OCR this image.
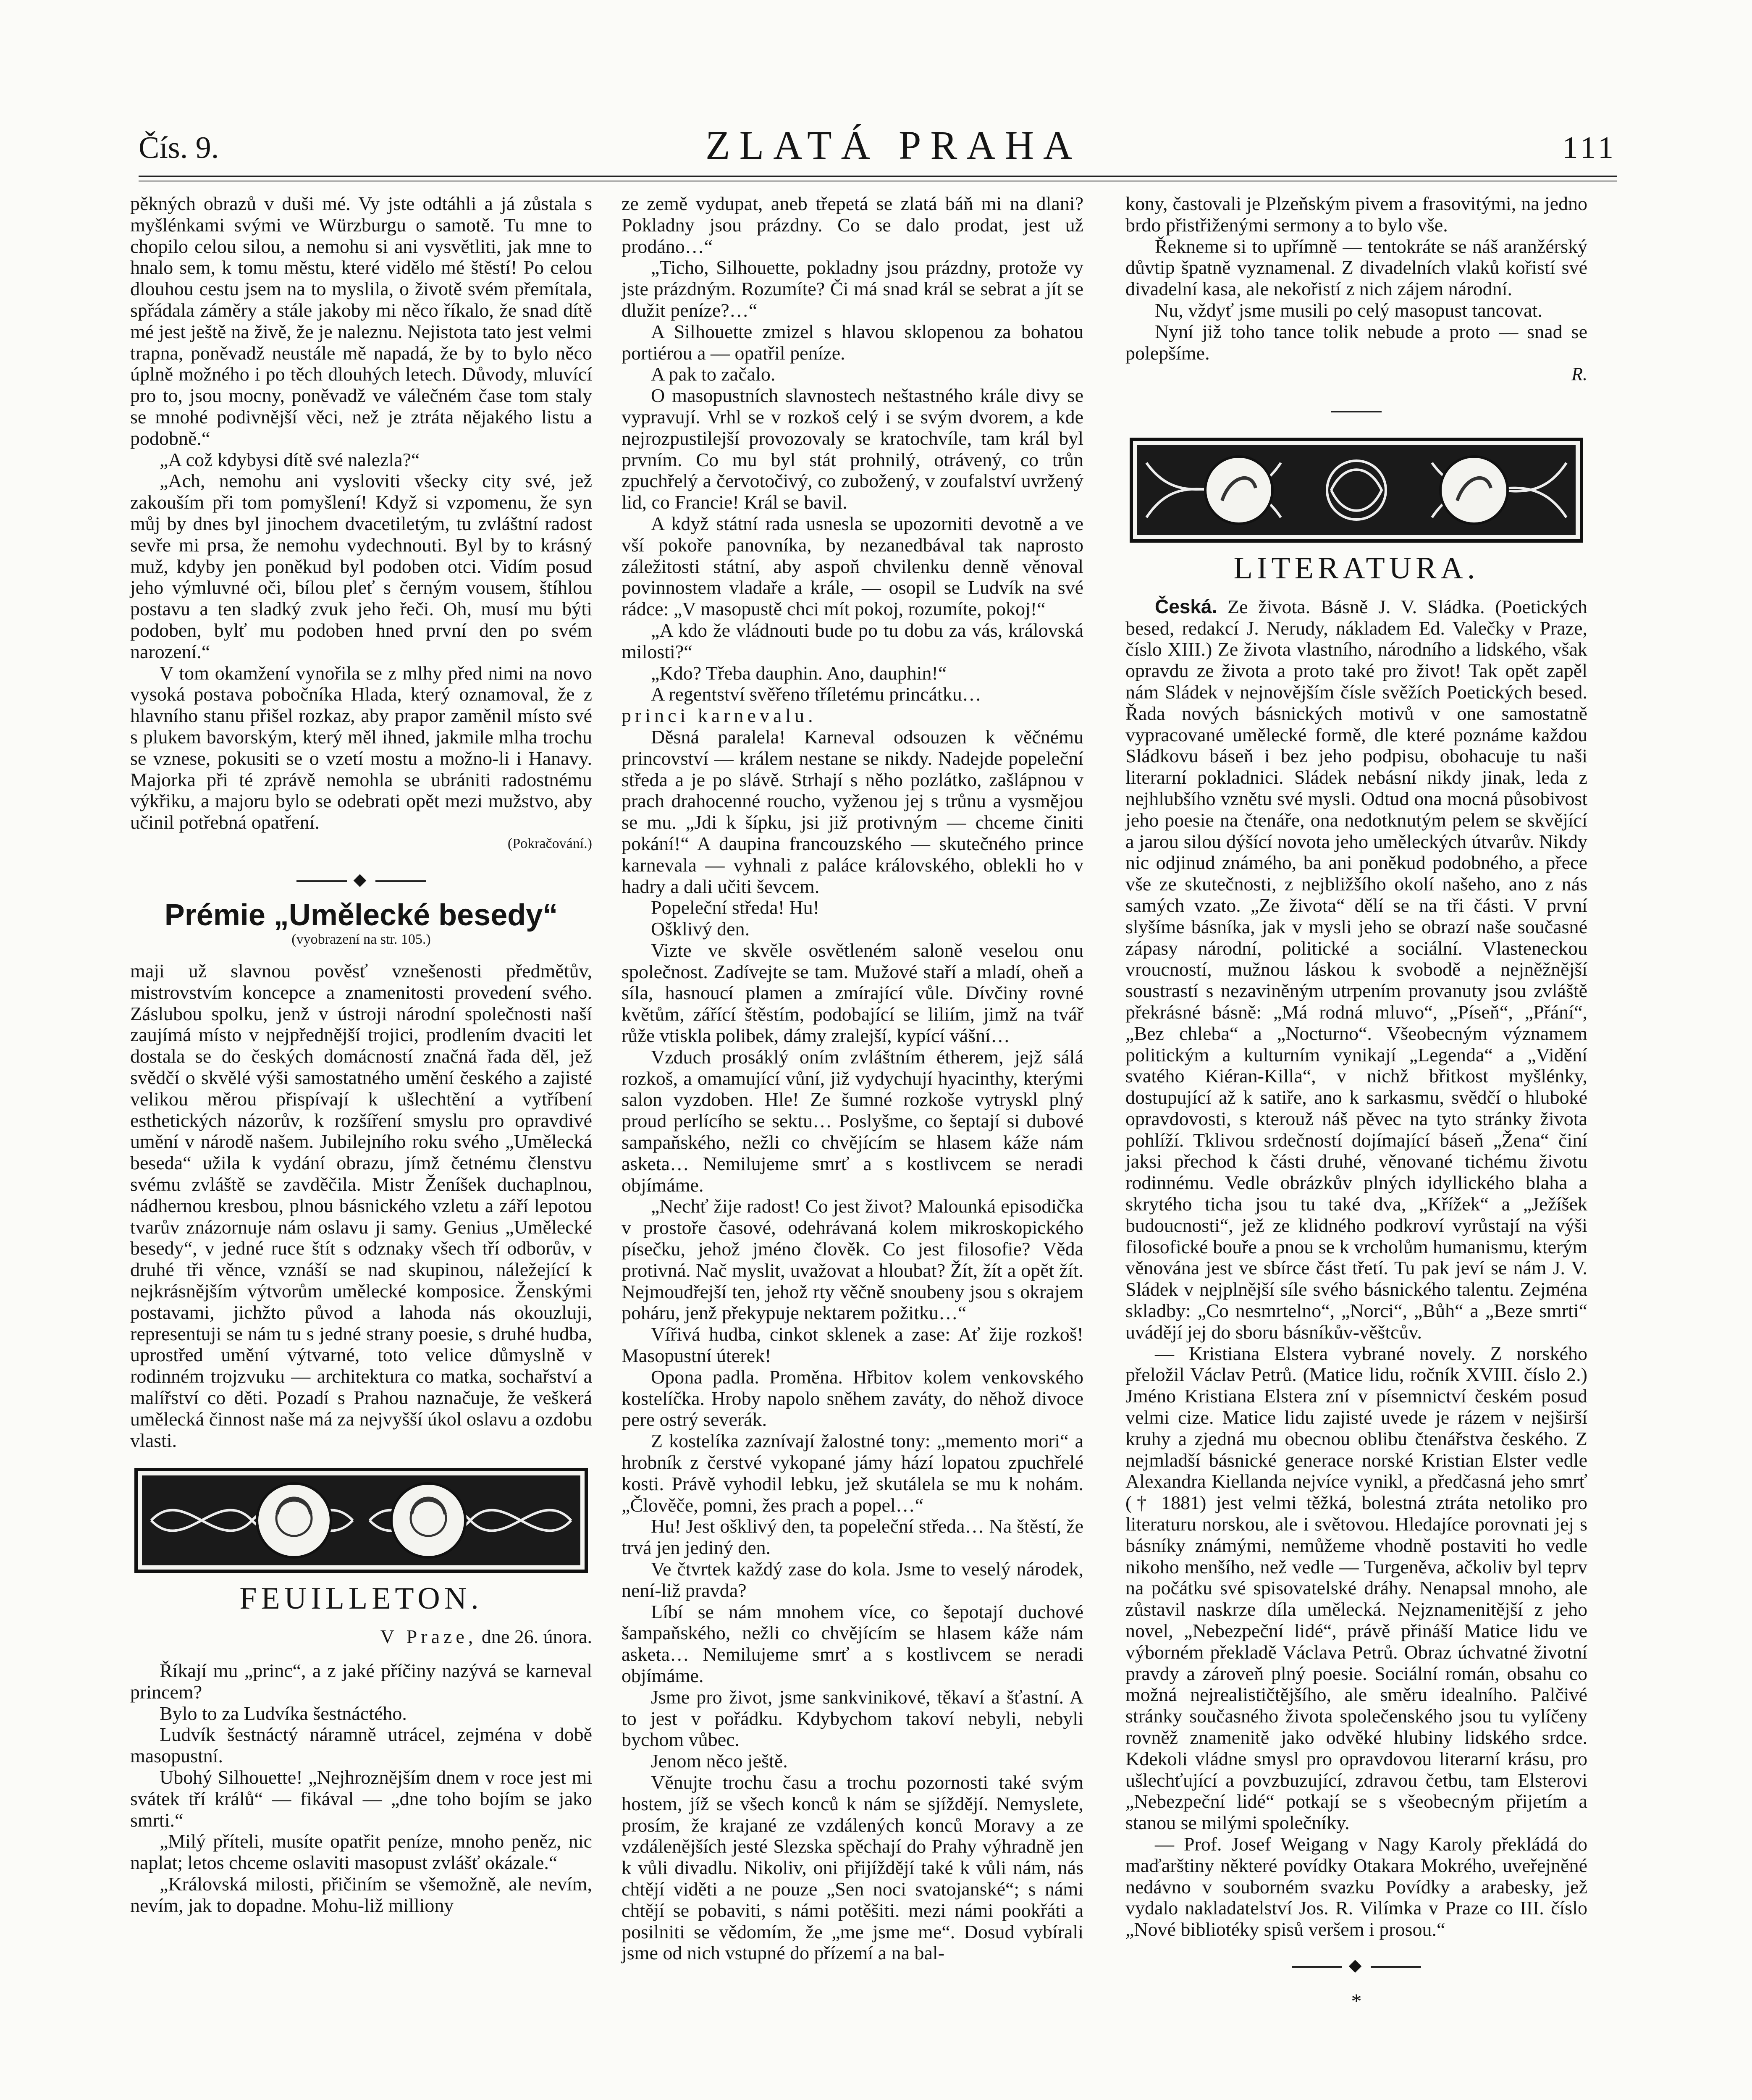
Čís. 9.	ZLATÁ PRAHA	111

pěkných obrazů v duši mé. Vy jste odtáhli a já zůstala s myšlénkami svými ve Würzburgu o samotě. Tu mne to chopilo celou silou, a nemohu si ani vysvětliti, jak mne to hnalo sem, k tomu městu, které vidělo mé štěstí! Po celou dlouhou cestu jsem na to myslila, o životě svém přemítala, spřádala záměry a stále jakoby mi něco říkalo, že snad dítě mé jest ještě na živě, že je naleznu. Nejistota tato jest velmi trapna, poněvadž neustále mě napadá, že by to bylo něco úplně možného i po těch dlouhých letech. Důvody, mluvící pro to, jsou mocny, poněvadž ve válečném čase tom staly se mnohé podivnější věci, než je ztráta nějakého listu a podobně.“

„A což kdybysi dítě své nalezla?“

„Ach, nemohu ani vysloviti všecky city své, jež zakouším při tom pomyšlení! Když si vzpomenu, že syn můj by dnes byl jinochem dvacetiletým, tu zvláštní radost sevře mi prsa, že nemohu vydechnouti. Byl by to krásný muž, kdyby jen poněkud byl podoben otci. Vidím posud jeho výmluvné oči, bílou pleť s černým vousem, štíhlou postavu a ten sladký zvuk jeho řeči. Oh, musí mu býti podoben, bylť mu podoben hned první den po svém narození.“

V tom okamžení vynořila se z mlhy před nimi na novo vysoká postava pobočníka Hlada, který oznamoval, že z hlavního stanu přišel rozkaz, aby prapor zaměnil místo své s plukem bavorským, který měl ihned, jakmile mlha trochu se vznese, pokusiti se o vzetí mostu a možno-li i Hanavy. Majorka při té zprávě nemohla se ubrániti radostnému výkřiku, a majoru bylo se odebrati opět mezi mužstvo, aby učinil potřebná opatření.

(Pokračování.)

◆
Prémie „Umělecké besedy“
(vyobrazení na str. 105.)

maji už slavnou pověsť vznešenosti předmětův, mistrovstvím koncepce a znamenitosti provedení svého. Záslubou spolku, jenž v ústroji národní společnosti naší zaujímá místo v nejpřednější trojici, prodlením dvaciti let dostala se do českých domácností značná řada děl, jež svědčí o skvělé výši samostatného umění českého a zajisté velikou měrou přispívají k ušlechtění a vytříbení esthetických názorův, k rozšíření smyslu pro opravdivé umění v národě našem. Jubilejního roku svého „Umělecká beseda“ užila k vydání obrazu, jímž četnému členstvu svému zvláště se zavděčila. Mistr Ženíšek duchaplnou, nádhernou kresbou, plnou básnického vzletu a září lepotou tvarův znázornuje nám oslavu ji samy. Genius „Umělecké besedy“, v jedné ruce štít s odznaky všech tří odborův, v druhé tři věnce, vznáší se nad skupinou, náležející k nejkrásnějším výtvorům umělecké komposice. Ženskými postavami, jichžto původ a lahoda nás okouzluji, representuji se nám tu s jedné strany poesie, s druhé hudba, uprostřed umění výtvarné, toto velice důmyslně v rodinném trojzvuku — architektura co matka, sochařství a malířství co děti. Pozadí s Prahou naznačuje, že veškerá umělecká činnost naše má za nejvyšší úkol oslavu a ozdobu vlasti.

FEUILLETON.
V Praze, dne 26. února.

Říkají mu „princ“, a z jaké příčiny nazývá se karneval princem?

Bylo to za Ludvíka šestnáctého.

Ludvík šestnáctý náramně utrácel, zejména v době masopustní.

Ubohý Silhouette! „Nejhroznějším dnem v roce jest mi svátek tří králů“ — fikával — „dne toho bojím se jako smrti.“

„Milý příteli, musíte opatřit peníze, mnoho peněz, nic naplat; letos chceme oslaviti masopust zvlášť okázale.“

„Královská milosti, přičiním se všemožně, ale nevím, nevím, jak to dopadne. Mohu-liž milliony

ze země vydupat, aneb třepetá se zlatá báň mi na dlani? Pokladny jsou prázdny. Co se dalo prodat, jest už prodáno…“

„Ticho, Silhouette, pokladny jsou prázdny, protože vy jste prázdným. Rozumíte? Či má snad král se sebrat a jít se dlužit peníze?…“

A Silhouette zmizel s hlavou sklopenou za bohatou portiérou a — opatřil peníze.

A pak to začalo.

O masopustních slavnostech neštastného krále divy se vypravují. Vrhl se v rozkoš celý i se svým dvorem, a kde nejrozpustilejší provozovaly se kratochvíle, tam král byl prvním. Co mu byl stát prohnilý, otrávený, co trůn zpuchřelý a červotočivý, co zubožený, v zoufalství uvržený lid, co Francie! Král se bavil.

A když státní rada usnesla se upozorniti devotně a ve vší pokoře panovníka, by nezanedbával tak naprosto záležitosti státní, aby aspoň chvilenku denně věnoval povinnostem vladaře a krále, — osopil se Ludvík na své rádce: „V masopustě chci mít pokoj, rozumíte, pokoj!“

„A kdo že vládnouti bude po tu dobu za vás, královská milosti?“

„Kdo? Třeba dauphin. Ano, dauphin!“

A regentství svěřeno tříletému princátku…

princi karnevalu.

Děsná paralela! Karneval odsouzen k věčnému princovství — králem nestane se nikdy. Nadejde popeleční středa a je po slávě. Strhají s něho pozlátko, zašlápnou v prach drahocenné roucho, vyženou jej s trůnu a vysmějou se mu. „Jdi k šípku, jsi již protivným — chceme činiti pokání!“ A daupina francouzského — skutečného prince karnevala — vyhnali z paláce královského, oblekli ho v hadry a dali učiti ševcem.

Popeleční středa! Hu!

Ošklivý den.

Vizte ve skvěle osvětleném saloně veselou onu společnost. Zadívejte se tam. Mužové staří a mladí, oheň a síla, hasnoucí plamen a zmírající vůle. Dívčiny rovné květům, zářící štěstím, podobající se liliím, jimž na tvář růže vtiskla polibek, dámy zralejší, kypící vášní…

Vzduch prosáklý oním zvláštním étherem, jejž sálá rozkoš, a omamující vůní, již vydychují hyacinthy, kterými salon vyzdoben. Hle! Ze šumné rozkoše vytryskl plný proud perlícího se sektu… Poslyšme, co šeptají si dubové sampaňského, nežli co chvějícím se hlasem káže nám asketa… Nemilujeme smrť a s kostlivcem se neradi objímáme.

„Nechť žije radost! Co jest život? Malounká episodička v prostoře časové, odehrávaná kolem mikroskopického písečku, jehož jméno člověk. Co jest filosofie? Věda protivná. Nač myslit, uvažovat a hloubat? Žít, žít a opět žít. Nejmoudřejší ten, jehož rty věčně snoubeny jsou s okrajem poháru, jenž překypuje nektarem požitku…“

Vířivá hudba, cinkot sklenek a zase: Ať žije rozkoš! Masopustní úterek!

Opona padla. Proměna. Hřbitov kolem venkovského kostelíčka. Hroby napolo sněhem zaváty, do něhož divoce pere ostrý severák.

Z kostelíka zaznívají žalostné tony: „memento mori“ a hrobník z čerstvé vykopané jámy hází lopatou zpuchřelé kosti. Právě vyhodil lebku, jež skutálela se mu k nohám. „Člověče, pomni, žes prach a popel…“

Hu! Jest ošklivý den, ta popeleční středa… Na štěstí, že trvá jen jediný den.

Ve čtvrtek každý zase do kola. Jsme to veselý národek, není-liž pravda?

Líbí se nám mnohem více, co šepotají duchové šampaňského, nežli co chvějícím se hlasem káže nám asketa… Nemilujeme smrť a s kostlivcem se neradi objímáme.

Jsme pro život, jsme sankvinikové, těkaví a šťastní. A to jest v pořádku. Kdybychom takoví nebyli, nebyli bychom vůbec.

Jenom něco ještě.

Věnujte trochu času a trochu pozornosti také svým hostem, jíž se všech konců k nám se sjíždějí. Nemyslete, prosím, že krajané ze vzdálených konců Moravy a ze vzdálenějších jesté Slezska spěchají do Prahy výhradně jen k vůli divadlu. Nikoliv, oni přijíždějí také k vůli nám, nás chtějí viděti a ne pouze „Sen noci svatojanské“; s námi chtějí se pobaviti, s námi potěšiti. mezi námi pookřáti a posilniti se vědomím, že „me jsme me“. Dosud vybírali jsme od nich vstupné do přízemí a na bal-

kony, častovali je Plzeňským pivem a frasovitými, na jedno brdo přistřiženými sermony a to bylo vše.

Řekneme si to upřímně — tentokráte se náš aranžérský důvtip špatně vyznamenal. Z divadelních vlaků kořistí své divadelní kasa, ale nekořistí z nich zájem národní.

Nu, vždyť jsme musili po celý masopust tancovat.

Nyní již toho tance tolik nebude a proto — snad se polepšíme.

R.

LITERATURA.

Česká. Ze života. Básně J. V. Sládka. (Poetických besed, redakcí J. Nerudy, nákladem Ed. Valečky v Praze, číslo XIII.) Ze života vlastního, národního a lidského, však opravdu ze života a proto také pro život! Tak opět zapěl nám Sládek v nejnovějším čísle svěžích Poetických besed. Řada nových básnických motivů v one samostatně vypracované umělecké formě, dle které poznáme každou Sládkovu báseň i bez jeho podpisu, obohacuje tu naši literarní pokladnici. Sládek nebásní nikdy jinak, leda z nejhlubšího vznětu své mysli. Odtud ona mocná působivost jeho poesie na čtenáře, ona nedotknutým pelem se skvějící a jarou silou dýšící novota jeho uměleckých útvarův. Nikdy nic odjinud známého, ba ani poněkud podobného, a přece vše ze skutečnosti, z nejbližšího okolí našeho, ano z nás samých vzato. „Ze života“ dělí se na tři části. V první slyšíme básníka, jak v mysli jeho se obrazí naše současné zápasy národní, politické a sociální. Vlasteneckou vroucností, mužnou láskou k svobodě a nejněžnější soustrastí s nezaviněným utrpením provanuty jsou zvláště překrásné básně: „Má rodná mluvo“, „Píseň“, „Přání“, „Bez chleba“ a „Nocturno“. Všeobecným významem politickým a kulturním vynikají „Legenda“ a „Vidění svatého Kiéran-Killa“, v nichž břitkost myšlénky, dostupující až k satiře, ano k sarkasmu, svědčí o hluboké opravdovosti, s kterouž náš pěvec na tyto stránky života pohlíží. Tklivou srdečností dojímající báseň „Žena“ činí jaksi přechod k části druhé, věnované tichému životu rodinnému. Vedle obrázkův plných idyllického blaha a skrytého ticha jsou tu také dva, „Křížek“ a „Ježíšek budoucnosti“, jež ze klidného podkroví vyrůstají na výši filosofické bouře a pnou se k vrcholům humanismu, kterým věnována jest ve sbírce část třetí. Tu pak jeví se nám J. V. Sládek v nejplnější síle svého básnického talentu. Zejména skladby: „Co nesmrtelno“, „Norci“, „Bůh“ a „Beze smrti“ uvádějí jej do sboru básníkův-věštcův.

— Kristiana Elstera vybrané novely. Z norského přeložil Václav Petrů. (Matice lidu, ročník XVIII. číslo 2.) Jméno Kristiana Elstera zní v písemnictví českém posud velmi cize. Matice lidu zajisté uvede je rázem v nejširší kruhy a zjedná mu obecnou oblibu čtenářstva českého. Z nejmladší básnické generace norské Kristian Elster vedle Alexandra Kiellanda nejvíce vynikl, a předčasná jeho smrť († 1881) jest velmi těžká, bolestná ztráta netoliko pro literaturu norskou, ale i světovou. Hledajíce porovnati jej s básníky známými, nemůžeme vhodně postaviti ho vedle nikoho menšího, než vedle — Turgeněva, ačkoliv byl teprv na počátku své spisovatelské dráhy. Nenapsal mnoho, ale zůstavil naskrze díla umělecká. Nejznamenitější z jeho novel, „Nebezpeční lidé“, právě přináší Matice lidu ve výborném překladě Václava Petrů. Obraz úchvatné životní pravdy a zároveň plný poesie. Sociální román, obsahu co možná nejrealističtějšího, ale směru idealního. Palčivé stránky současného života společenského jsou tu vylíčeny rovněž znamenitě jako odvěké hlubiny lidského srdce. Kdekoli vládne smysl pro opravdovou literarní krásu, pro ušlechťující a povzbuzující, zdravou četbu, tam Elsterovi „Nebezpeční lidé“ potkají se s všeobecným přijetím a stanou se milými společníky.

— Prof. Josef Weigang v Nagy Karoly překládá do maďarštiny některé povídky Otakara Mokrého, uveřejněné nedávno v souborném svazku Povídky a arabesky, jež vydalo nakladatelství Jos. R. Vilímka v Praze co III. číslo „Nové bibliotéky spisů veršem i prosou.“

◆
*
